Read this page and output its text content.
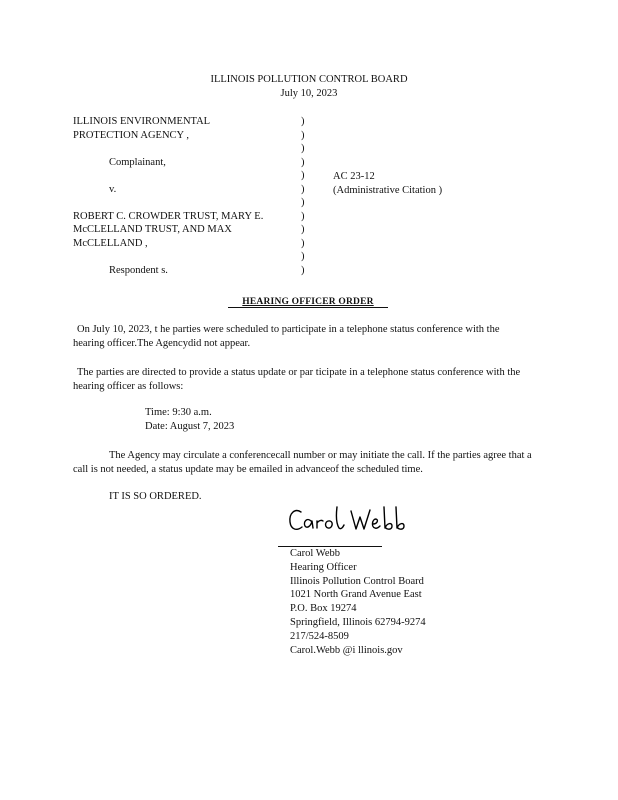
ILLINOIS POLLUTION CONTROL BOARD
July 10, 2023
ILLINOIS ENVIRONMENTAL
PROTECTION AGENCY ,
Complainant,
v.
ROBERT C. CROWDER TRUST, MARY E.
McCLELLAND TRUST, AND MAX
McCLELLAND ,
Respondent s.
)
)
)
)
)
)
)
)
)
)
)
)
AC 23-12
(Administrative Citation )
HEARING OFFICER ORDER
On July 10, 2023, t he parties were scheduled to participate in a telephone status conference with the hearing officer.The Agencydid not appear.
The parties are directed to provide a status update or par ticipate in a telephone status conference with the hearing officer as follows:
Time: 9:30 a.m.
Date: August 7, 2023
The Agency may circulate a conferencecall number or may initiate the call. If the parties agree that a call is not needed, a status update may be emailed in advanceof the scheduled time.
IT IS SO ORDERED.
Carol Webb
Hearing Officer
Illinois Pollution Control Board
1021 North Grand Avenue East
P.O. Box 19274
Springfield, Illinois 62794-9274
217/524-8509
Carol.Webb @i llinois.gov
